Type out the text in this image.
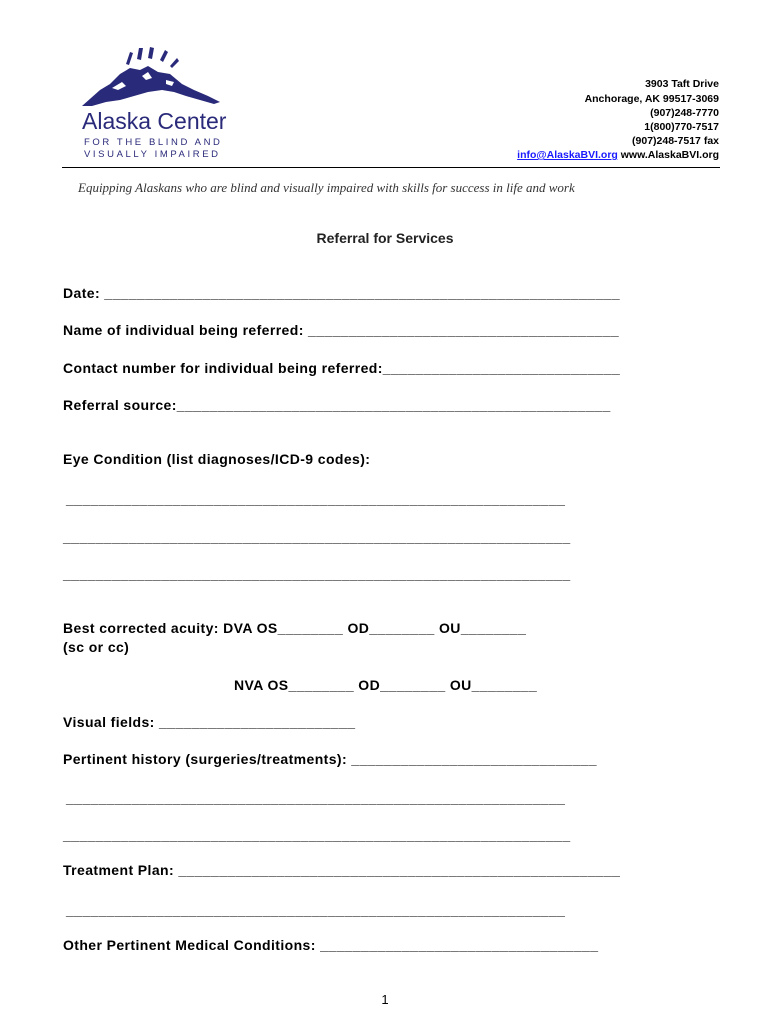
Alaska Center
FOR THE BLIND AND
VISUALLY IMPAIRED
3903 Taft Drive
Anchorage, AK 99517-3069
(907)248-7770
1(800)770-7517
(907)248-7517 fax
info@AlaskaBVI.org www.AlaskaBVI.org
Equipping Alaskans who are blind and visually impaired with skills for success in life and work
Referral for Services
Date: _______________________________________________________________
Name of individual being referred: ______________________________________
Contact number for individual being referred:_____________________________
Referral source:_____________________________________________________
Eye Condition (list diagnoses/ICD-9 codes):
_____________________________________________________________
______________________________________________________________
______________________________________________________________
Best corrected acuity: DVA OS________ OD________ OU________
(sc or cc)
NVA OS________ OD________ OU________
Visual fields: ________________________
Pertinent history (surgeries/treatments): ______________________________
_____________________________________________________________
______________________________________________________________
Treatment Plan: ______________________________________________________
_____________________________________________________________
Other Pertinent Medical Conditions: __________________________________
1
